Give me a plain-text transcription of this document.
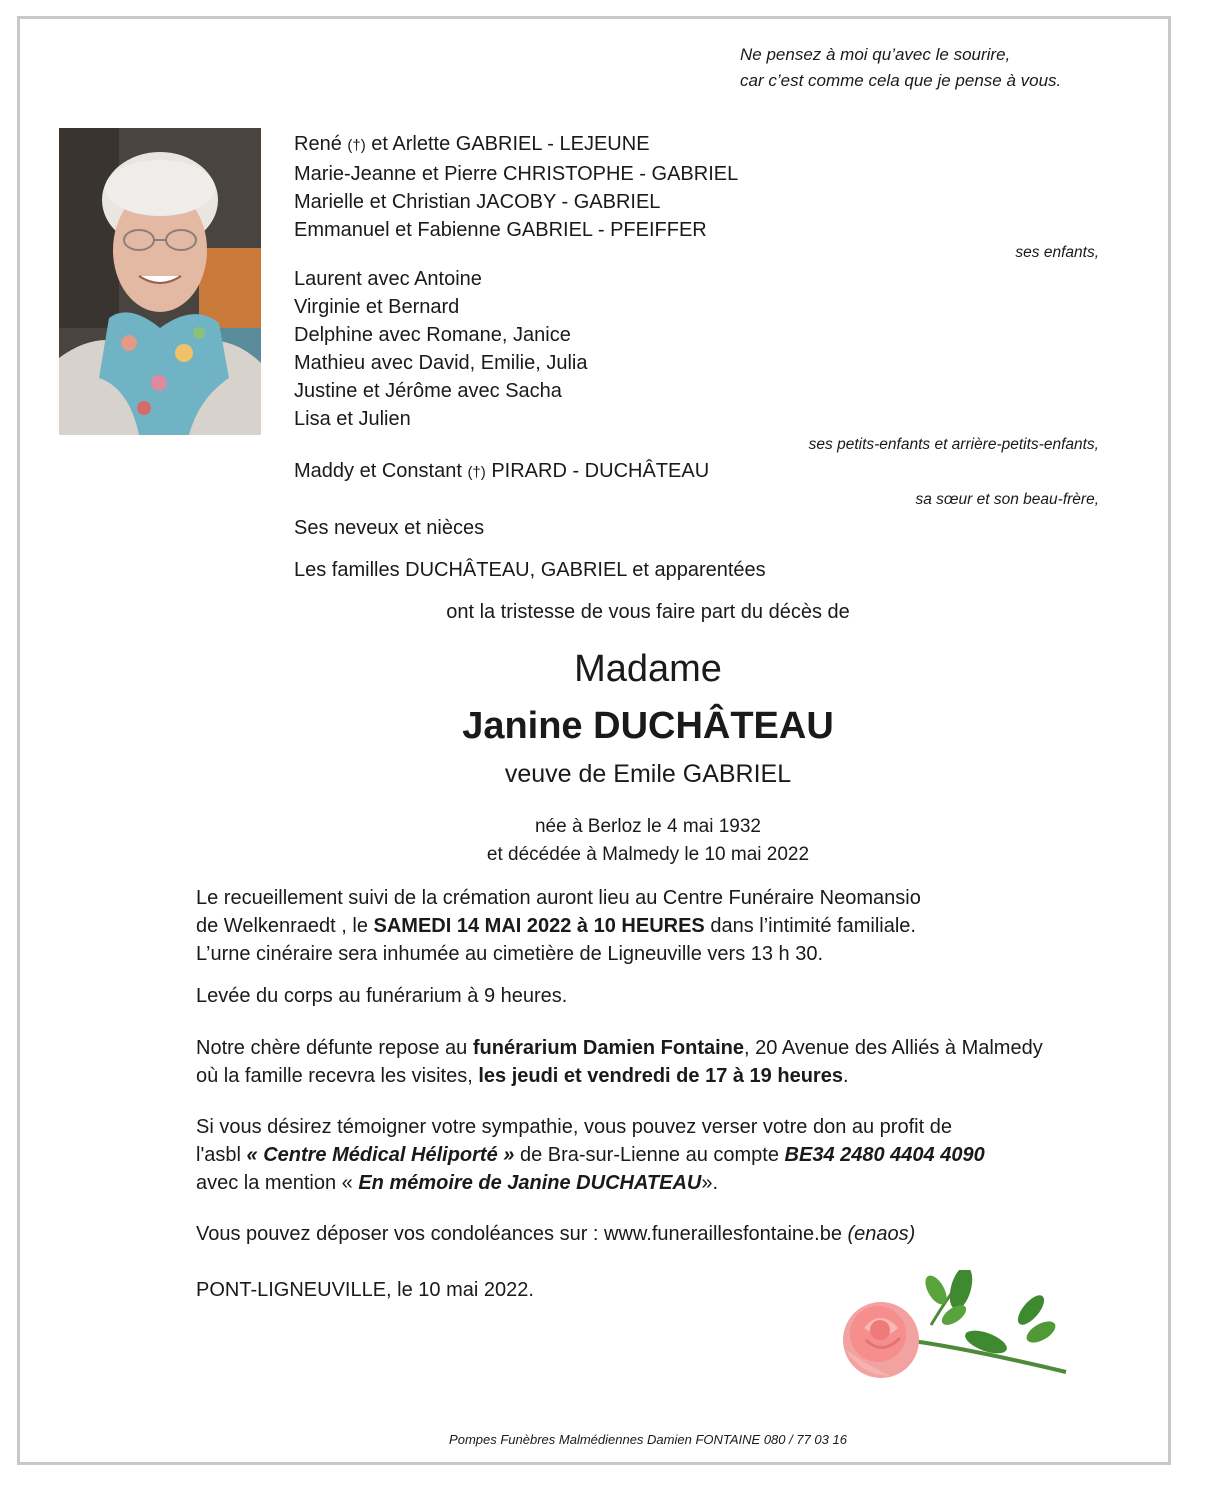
Ne pensez à moi qu’avec le sourire,
car c’est comme cela que je pense à vous.
René (†) et Arlette GABRIEL - LEJEUNE
Marie-Jeanne et Pierre CHRISTOPHE - GABRIEL
Marielle et Christian JACOBY - GABRIEL
Emmanuel et Fabienne GABRIEL - PFEIFFER
ses enfants,
Laurent avec Antoine
Virginie et Bernard
Delphine avec Romane, Janice
Mathieu avec David, Emilie, Julia
Justine et Jérôme avec Sacha
Lisa et Julien
ses petits-enfants et arrière-petits-enfants,
Maddy et Constant (†) PIRARD - DUCHÂTEAU
sa sœur et son beau-frère,
Ses neveux et nièces
Les familles DUCHÂTEAU, GABRIEL et apparentées
ont la tristesse de vous faire part du décès de
Madame
Janine DUCHÂTEAU
veuve de Emile GABRIEL
née à Berloz le 4 mai 1932
et décédée à Malmedy le 10 mai 2022
Le recueillement suivi de la crémation auront lieu au Centre Funéraire Neomansio
de Welkenraedt , le SAMEDI 14 MAI 2022 à 10 HEURES dans l’intimité familiale.
L’urne cinéraire sera inhumée au cimetière de Ligneuville vers 13 h 30.
Levée du corps au funérarium à 9 heures.
Notre chère défunte repose au funérarium Damien Fontaine, 20 Avenue des Alliés à Malmedy
où la famille recevra les visites, les jeudi et vendredi de 17 à 19 heures.
Si vous désirez témoigner votre sympathie, vous pouvez verser votre don au profit de
l'asbl « Centre Médical Héliporté » de Bra-sur-Lienne au compte BE34 2480 4404 4090
avec la mention « En mémoire de Janine DUCHATEAU».
Vous pouvez déposer vos condoléances sur : www.funeraillesfontaine.be (enaos)
PONT-LIGNEUVILLE, le 10 mai 2022.
Pompes Funèbres Malmédiennes Damien FONTAINE 080 / 77 03 16
